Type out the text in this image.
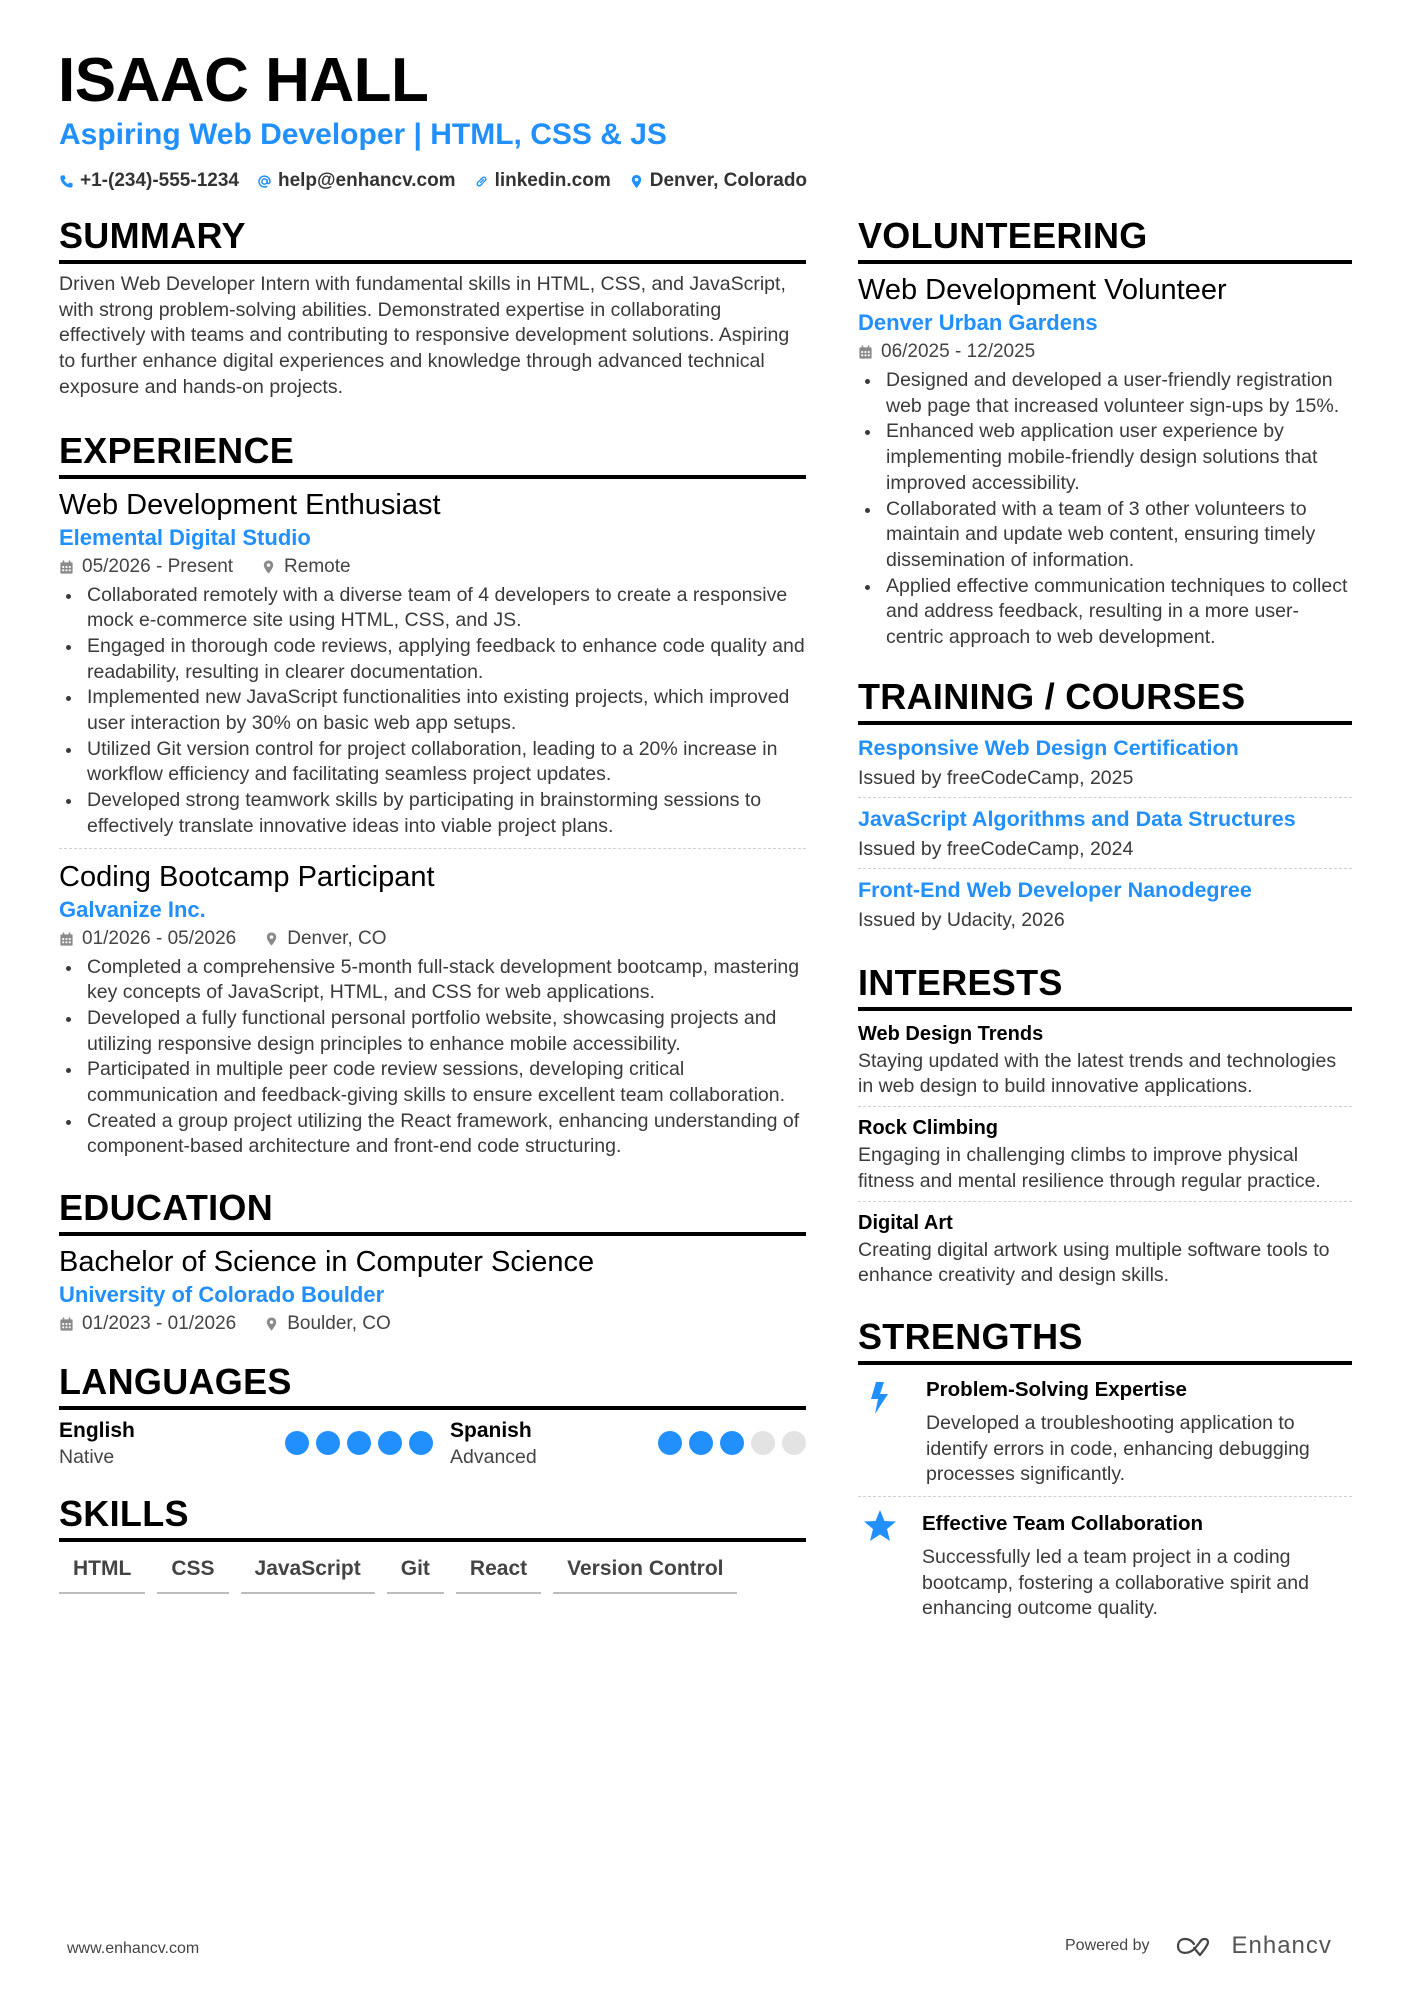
ISAAC HALL
Aspiring Web Developer | HTML, CSS & JS
+1-(234)-555-1234 help@enhancv.com linkedin.com Denver, Colorado
SUMMARY
Driven Web Developer Intern with fundamental skills in HTML, CSS, and JavaScript, with strong problem-solving abilities. Demonstrated expertise in collaborating effectively with teams and contributing to responsive development solutions. Aspiring to further enhance digital experiences and knowledge through advanced technical exposure and hands-on projects.
EXPERIENCE
Web Development Enthusiast
Elemental Digital Studio
05/2026 - Present	Remote
Collaborated remotely with a diverse team of 4 developers to create a responsive mock e-commerce site using HTML, CSS, and JS.
Engaged in thorough code reviews, applying feedback to enhance code quality and readability, resulting in clearer documentation.
Implemented new JavaScript functionalities into existing projects, which improved user interaction by 30% on basic web app setups.
Utilized Git version control for project collaboration, leading to a 20% increase in workflow efficiency and facilitating seamless project updates.
Developed strong teamwork skills by participating in brainstorming sessions to effectively translate innovative ideas into viable project plans.
Coding Bootcamp Participant
Galvanize Inc.
01/2026 - 05/2026	Denver, CO
Completed a comprehensive 5-month full-stack development bootcamp, mastering key concepts of JavaScript, HTML, and CSS for web applications.
Developed a fully functional personal portfolio website, showcasing projects and utilizing responsive design principles to enhance mobile accessibility.
Participated in multiple peer code review sessions, developing critical communication and feedback-giving skills to ensure excellent team collaboration.
Created a group project utilizing the React framework, enhancing understanding of component-based architecture and front-end code structuring.
EDUCATION
Bachelor of Science in Computer Science
University of Colorado Boulder
01/2023 - 01/2026	Boulder, CO
LANGUAGES
English
Native
Spanish
Advanced
SKILLS
HTML	CSS	JavaScript	Git	React	Version Control
VOLUNTEERING
Web Development Volunteer
Denver Urban Gardens
06/2025 - 12/2025
Designed and developed a user-friendly registration web page that increased volunteer sign-ups by 15%.
Enhanced web application user experience by implementing mobile-friendly design solutions that improved accessibility.
Collaborated with a team of 3 other volunteers to maintain and update web content, ensuring timely dissemination of information.
Applied effective communication techniques to collect and address feedback, resulting in a more user-centric approach to web development.
TRAINING / COURSES
Responsive Web Design Certification
Issued by freeCodeCamp, 2025
JavaScript Algorithms and Data Structures
Issued by freeCodeCamp, 2024
Front-End Web Developer Nanodegree
Issued by Udacity, 2026
INTERESTS
Web Design Trends
Staying updated with the latest trends and technologies in web design to build innovative applications.
Rock Climbing
Engaging in challenging climbs to improve physical fitness and mental resilience through regular practice.
Digital Art
Creating digital artwork using multiple software tools to enhance creativity and design skills.
STRENGTHS
Problem-Solving Expertise
Developed a troubleshooting application to identify errors in code, enhancing debugging processes significantly.
Effective Team Collaboration
Successfully led a team project in a coding bootcamp, fostering a collaborative spirit and enhancing outcome quality.
www.enhancv.com	Powered by	Enhancv
